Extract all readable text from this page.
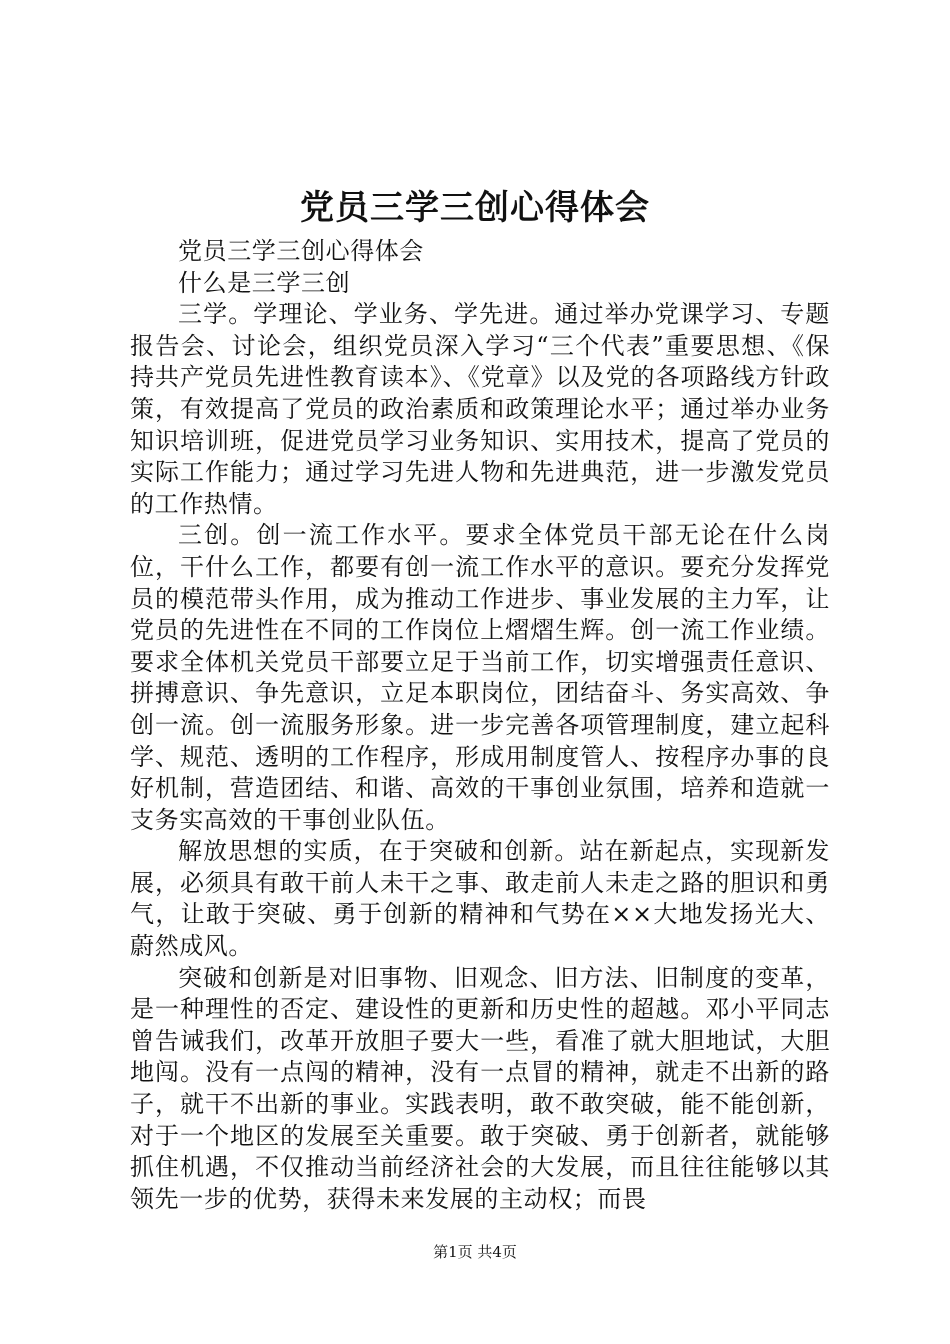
党员三学三创心得体会

党员三学三创心得体会

什么是三学三创

三学。学理论、学业务、学先进。通过举办党课学习、专题报告会、讨论会，组织党员深入学习“三个代表”重要思想、《保持共产党员先进性教育读本》、《党章》以及党的各项路线方针政策，有效提高了党员的政治素质和政策理论水平；通过举办业务知识培训班，促进党员学习业务知识、实用技术，提高了党员的实际工作能力；通过学习先进人物和先进典范，进一步激发党员的工作热情。

三创。创一流工作水平。要求全体党员干部无论在什么岗位，干什么工作，都要有创一流工作水平的意识。要充分发挥党员的模范带头作用，成为推动工作进步、事业发展的主力军，让党员的先进性在不同的工作岗位上熠熠生辉。创一流工作业绩。要求全体机关党员干部要立足于当前工作，切实增强责任意识、拼搏意识、争先意识，立足本职岗位，团结奋斗、务实高效、争创一流。创一流服务形象。进一步完善各项管理制度，建立起科学、规范、透明的工作程序，形成用制度管人、按程序办事的良好机制，营造团结、和谐、高效的干事创业氛围，培养和造就一支务实高效的干事创业队伍。

解放思想的实质，在于突破和创新。站在新起点，实现新发展，必须具有敢干前人未干之事、敢走前人未走之路的胆识和勇气，让敢于突破、勇于创新的精神和气势在××大地发扬光大、蔚然成风。

突破和创新是对旧事物、旧观念、旧方法、旧制度的变革，是一种理性的否定、建设性的更新和历史性的超越。邓小平同志曾告诫我们，改革开放胆子要大一些，看准了就大胆地试，大胆地闯。没有一点闯的精神，没有一点冒的精神，就走不出新的路子，就干不出新的事业。实践表明，敢不敢突破，能不能创新，对于一个地区的发展至关重要。敢于突破、勇于创新者，就能够抓住机遇，不仅推动当前经济社会的大发展，而且往往能够以其领先一步的优势，获得未来发展的主动权；而畏

第1页 共4页
